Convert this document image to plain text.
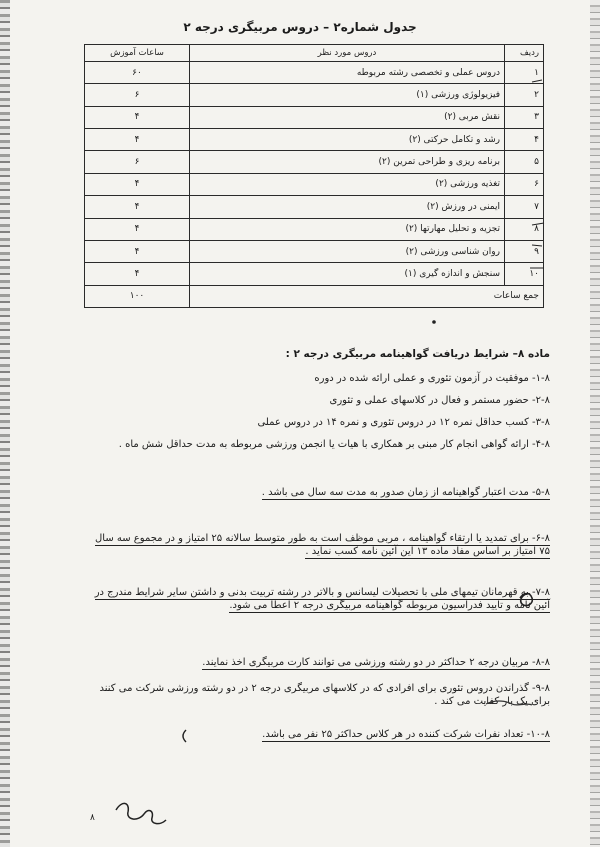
جدول شماره۲ – دروس مربیگری درجه ۲
ردیف	دروس مورد نظر	ساعات آموزش
۱	دروس عملی و تخصصی رشته مربوطه	۶۰
۲	فیزیولوژی ورزشی (۱)	۶
۳	نقش مربی (۲)	۴
۴	رشد و تکامل حرکتی (۲)	۴
۵	برنامه ریزی و طراحی تمرین (۲)	۶
۶	تغذیه ورزشی (۲)	۴
۷	ایمنی در ورزش (۲)	۴
۸	تجزیه و تحلیل مهارتها (۲)	۴
۹	روان شناسی ورزشی (۲)	۴
۱۰	سنجش و اندازه گیری (۱)	۴
جمع ساعات		۱۰۰
ماده ۸– شرایط دریافت گواهینامه مربیگری درجه ۲ :
۱-۸- موفقیت در آزمون تئوری و عملی ارائه شده در دوره
۲-۸- حضور مستمر و فعال در کلاسهای عملی و تئوری
۳-۸- کسب حداقل نمره ۱۲ در دروس تئوری و نمره ۱۴ در دروس عملی
۴-۸- ارائه گواهی انجام کار مبنی بر همکاری با هیات یا انجمن ورزشی مربوطه به مدت حداقل شش ماه .
۵-۸- مدت اعتبار گواهینامه از زمان صدور به مدت سه سال می باشد .
۶-۸- برای تمدید یا ارتقاء گواهینامه ، مربی موظف است به طور متوسط سالانه ۲۵ امتیاز و در مجموع سه سال ۷۵ امتیاز بر اساس مفاد ماده ۱۳ این آئین نامه کسب نماید .
۷-۸- به قهرمانان تیمهای ملی با تحصیلات لیسانس و بالاتر در رشته تربیت بدنی و داشتن سایر شرایط مندرج در آئین نامه و تایید فدراسیون مربوطه گواهینامه مربیگری درجه ۲ اعطا می شود.
۸-۸- مربیان درجه ۲ حداکثر در دو رشته ورزشی می توانند کارت مربیگری اخذ نمایند.
۹-۸- گذراندن دروس تئوری برای افرادی که در کلاسهای مربیگری درجه ۲ در دو رشته ورزشی شرکت می کنند برای یک بار کفایت می کند .
۱۰-۸- تعداد نفرات شرکت کننده در هر کلاس حداکثر ۲۵ نفر می باشد.
۸
